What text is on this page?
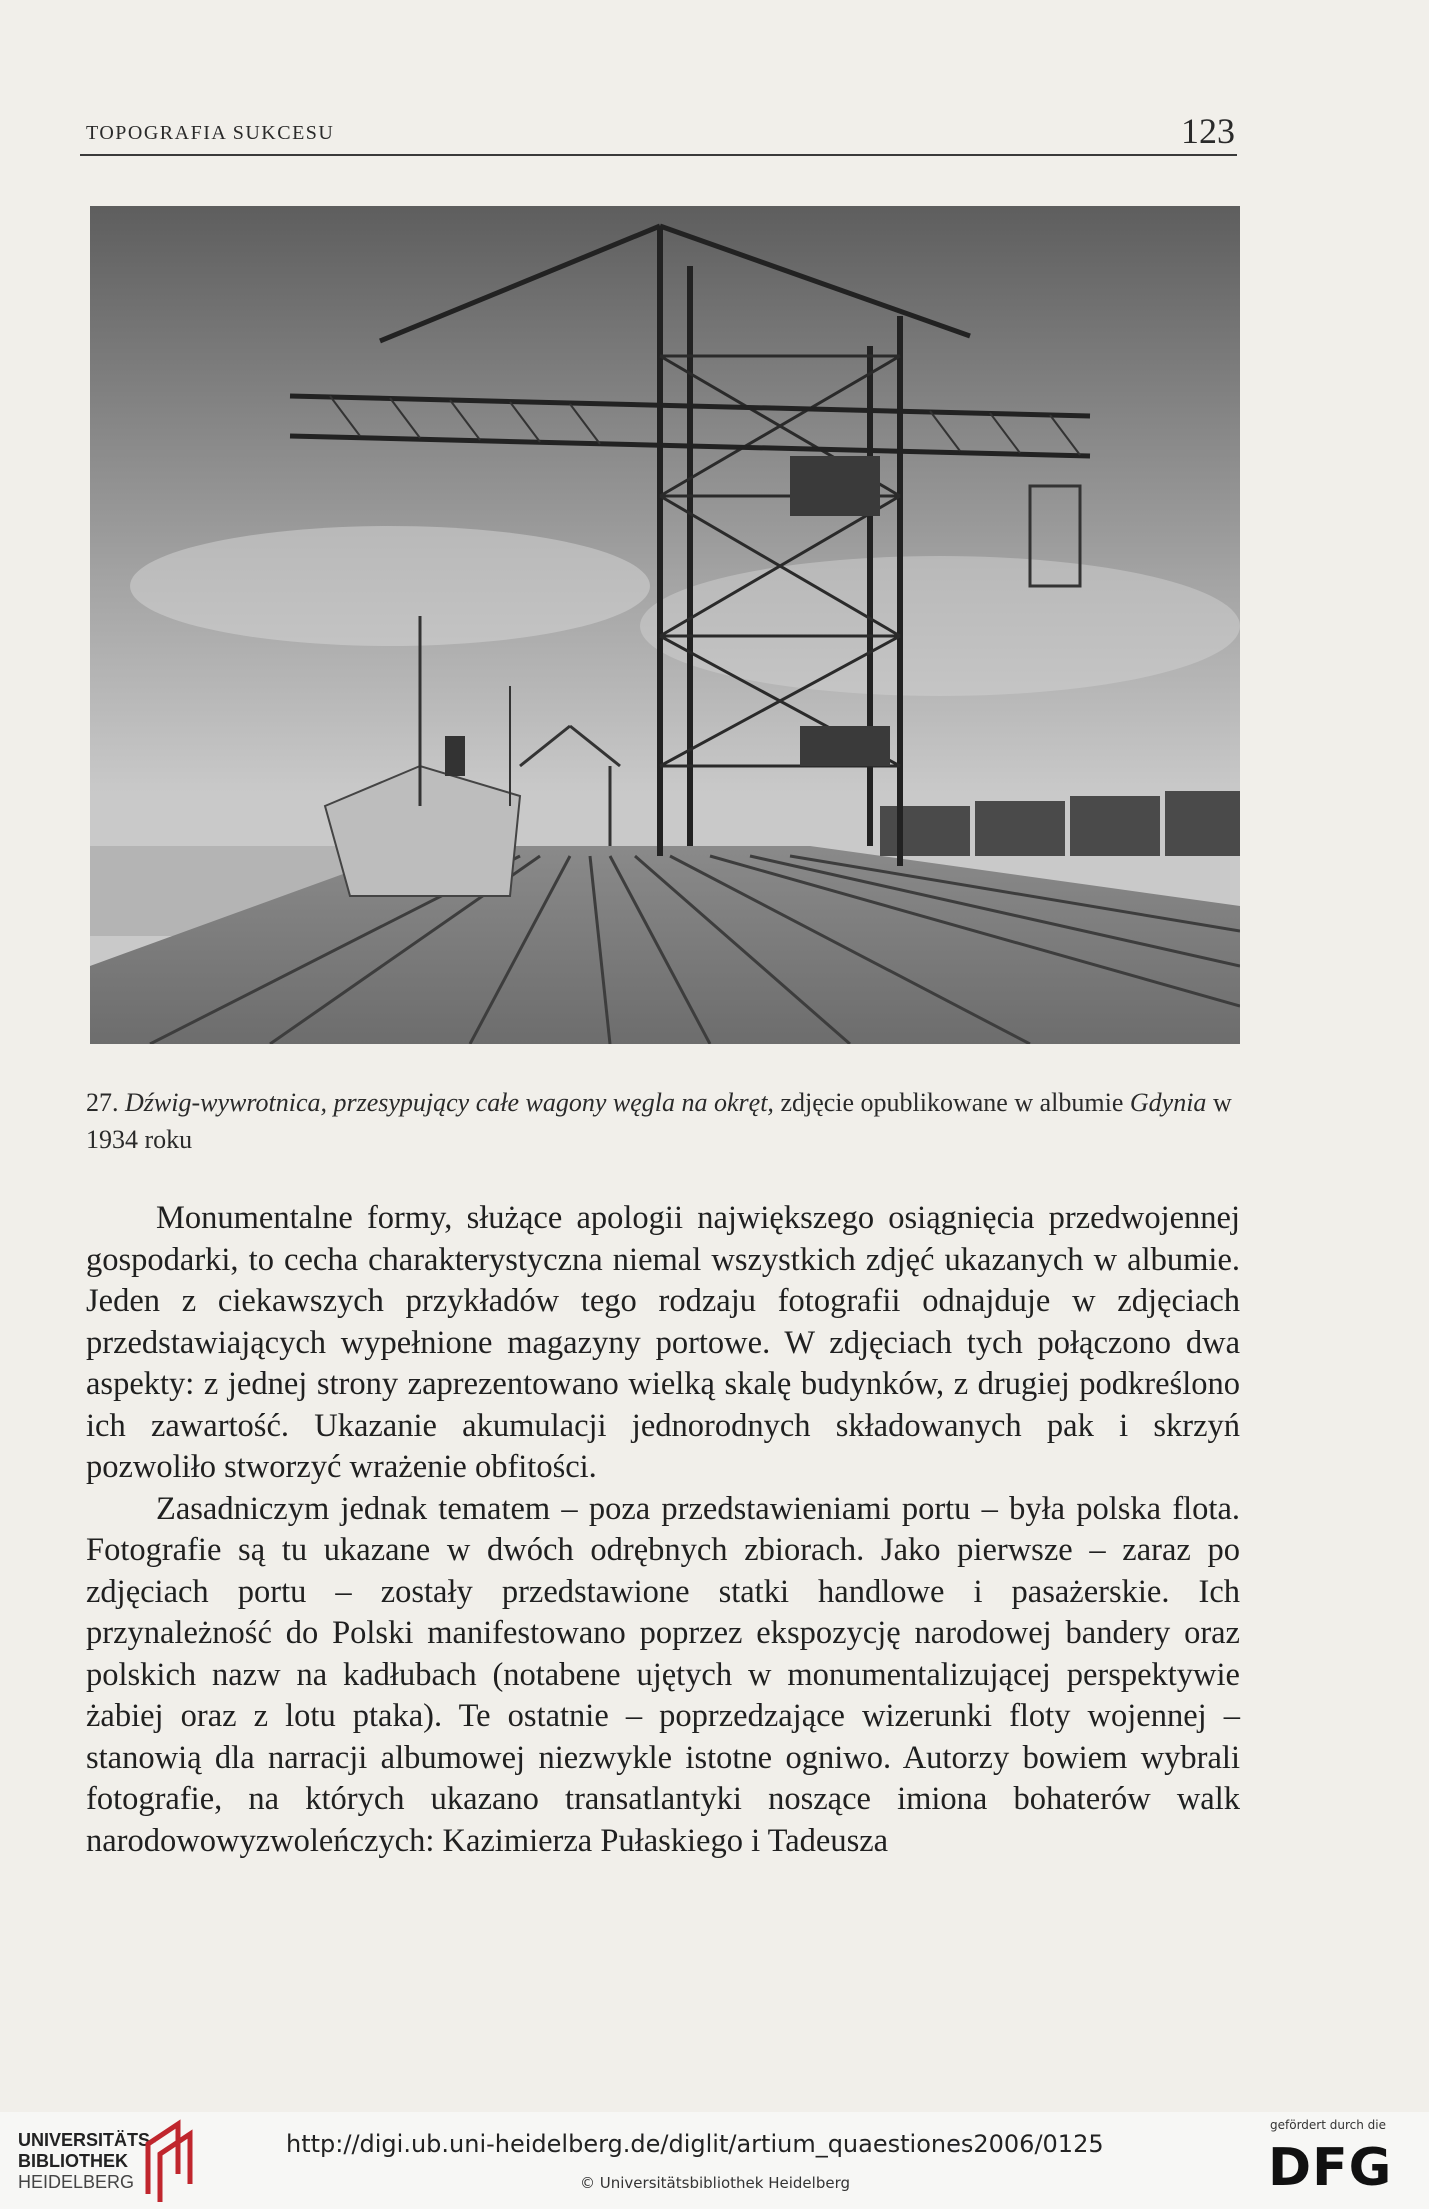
TOPOGRAFIA SUKCESU	123
27. Dźwig-wywrotnica, przesypujący całe wagony węgla na okręt, zdjęcie opublikowane w albumie Gdynia w 1934 roku

Monumentalne formy, służące apologii największego osiągnięcia przedwojennej gospodarki, to cecha charakterystyczna niemal wszystkich zdjęć ukazanych w albumie. Jeden z ciekawszych przykładów tego rodzaju fotografii odnajduje w zdjęciach przedstawiających wypełnione magazyny portowe. W zdjęciach tych połączono dwa aspekty: z jednej strony zaprezentowano wielką skalę budynków, z drugiej podkreślono ich zawartość. Ukazanie akumulacji jednorodnych składowanych pak i skrzyń pozwoliło stworzyć wrażenie obfitości.

Zasadniczym jednak tematem – poza przedstawieniami portu – była polska flota. Fotografie są tu ukazane w dwóch odrębnych zbiorach. Jako pierwsze – zaraz po zdjęciach portu – zostały przedstawione statki handlowe i pasażerskie. Ich przynależność do Polski manifestowano poprzez ekspozycję narodowej bandery oraz polskich nazw na kadłubach (notabene ujętych w monumentalizującej perspektywie żabiej oraz z lotu ptaka). Te ostatnie – poprzedzające wizerunki floty wojennej – stanowią dla narracji albumowej niezwykle istotne ogniwo. Autorzy bowiem wybrali fotografie, na których ukazano transatlantyki noszące imiona bohaterów walk narodowowyzwoleńczych: Kazimierza Pułaskiego i Tadeusza

UNIVERSITÄTS-
BIBLIOTHEK
HEIDELBERG
http://digi.ub.uni-heidelberg.de/diglit/artium_quaestiones2006/0125
© Universitätsbibliothek Heidelberg
gefördert durch die
DFG
